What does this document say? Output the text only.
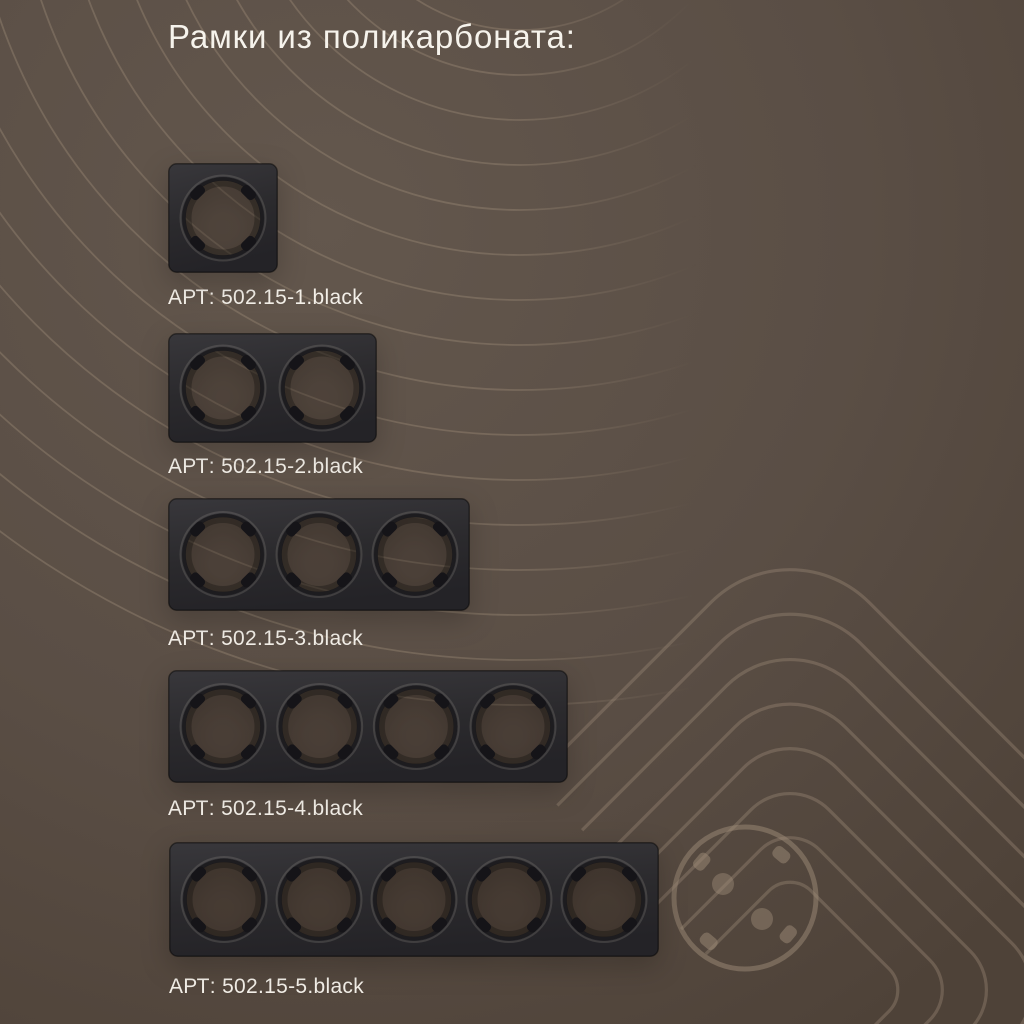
Рамки из поликарбоната:
АРТ: 502.15-1.black
АРТ: 502.15-2.black
АРТ: 502.15-3.black
АРТ: 502.15-4.black
АРТ: 502.15-5.black
